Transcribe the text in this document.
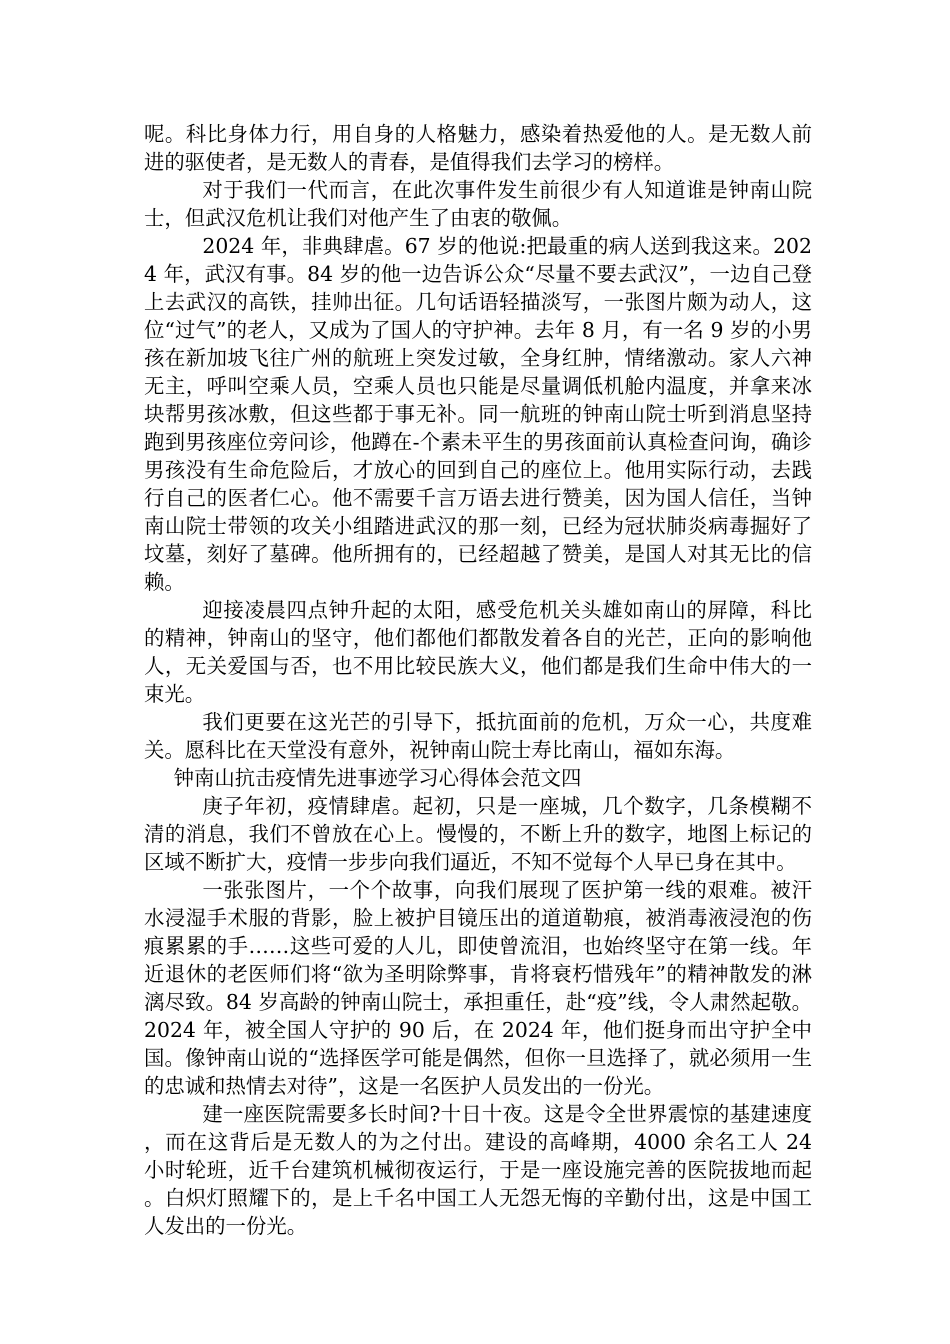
呢。科比身体力行，用自身的人格魅力，感染着热爱他的人。是无数人前进的驱使者，是无数人的青春，是值得我们去学习的榜样。

对于我们一代而言，在此次事件发生前很少有人知道谁是钟南山院士，但武汉危机让我们对他产生了由衷的敬佩。

2024 年，非典肆虐。67 岁的他说:把最重的病人送到我这来。2024 年，武汉有事。84 岁的他一边告诉公众“尽量不要去武汉”，一边自己登上去武汉的高铁，挂帅出征。几句话语轻描淡写，一张图片颇为动人，这位“过气”的老人，又成为了国人的守护神。去年 8 月，有一名 9 岁的小男孩在新加坡飞往广州的航班上突发过敏，全身红肿，情绪激动。家人六神无主，呼叫空乘人员，空乘人员也只能是尽量调低机舱内温度，并拿来冰块帮男孩冰敷，但这些都于事无补。同一航班的钟南山院士听到消息坚持跑到男孩座位旁问诊，他蹲在-个素未平生的男孩面前认真检查问询，确诊男孩没有生命危险后，才放心的回到自己的座位上。他用实际行动，去践行自己的医者仁心。他不需要千言万语去进行赞美，因为国人信任，当钟南山院士带领的攻关小组踏进武汉的那一刻，已经为冠状肺炎病毒掘好了坟墓，刻好了墓碑。他所拥有的，已经超越了赞美，是国人对其无比的信赖。

迎接凌晨四点钟升起的太阳，感受危机关头雄如南山的屏障，科比的精神，钟南山的坚守，他们都他们都散发着各自的光芒，正向的影响他人，无关爱国与否，也不用比较民族大义，他们都是我们生命中伟大的一束光。

我们更要在这光芒的引导下，抵抗面前的危机，万众一心，共度难关。愿科比在天堂没有意外，祝钟南山院士寿比南山，福如东海。

钟南山抗击疫情先进事迹学习心得体会范文四

庚子年初，疫情肆虐。起初，只是一座城，几个数字，几条模糊不清的消息，我们不曾放在心上。慢慢的，不断上升的数字，地图上标记的区域不断扩大，疫情一步步向我们逼近，不知不觉每个人早已身在其中。

一张张图片，一个个故事，向我们展现了医护第一线的艰难。被汗水浸湿手术服的背影，脸上被护目镜压出的道道勒痕，被消毒液浸泡的伤痕累累的手……这些可爱的人儿，即使曾流泪，也始终坚守在第一线。年近退休的老医师们将“欲为圣明除弊事，肯将衰朽惜残年”的精神散发的淋漓尽致。84 岁高龄的钟南山院士，承担重任，赴“疫”线，令人肃然起敬。2024 年，被全国人守护的 90 后，在 2024 年，他们挺身而出守护全中国。像钟南山说的“选择医学可能是偶然，但你一旦选择了，就必须用一生的忠诚和热情去对待”，这是一名医护人员发出的一份光。

建一座医院需要多长时间?十日十夜。这是令全世界震惊的基建速度，而在这背后是无数人的为之付出。建设的高峰期，4000 余名工人 24 小时轮班，近千台建筑机械彻夜运行，于是一座设施完善的医院拔地而起。白炽灯照耀下的，是上千名中国工人无怨无悔的辛勤付出，这是中国工人发出的一份光。
